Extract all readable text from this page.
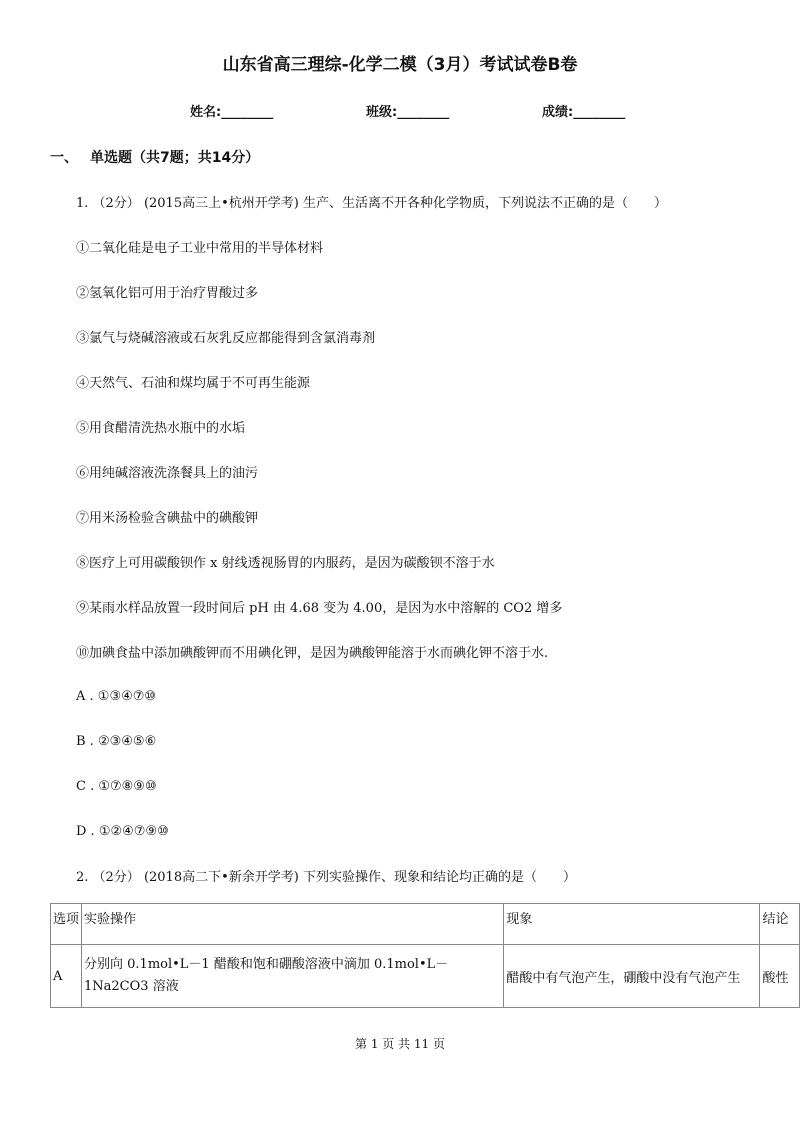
山东省高三理综-化学二模（3月）考试试卷B卷
姓名:________	班级:________	成绩:________
一、 单选题（共7题；共14分）
1. （2分） (2015高三上•杭州开学考) 生产、生活离不开各种化学物质，下列说法不正确的是（　　）
①二氧化硅是电子工业中常用的半导体材料
②氢氧化铝可用于治疗胃酸过多
③氯气与烧碱溶液或石灰乳反应都能得到含氯消毒剂
④天然气、石油和煤均属于不可再生能源
⑤用食醋清洗热水瓶中的水垢
⑥用纯碱溶液洗涤餐具上的油污
⑦用米汤检验含碘盐中的碘酸钾
⑧医疗上可用碳酸钡作 x 射线透视肠胃的内服药，是因为碳酸钡不溶于水
⑨某雨水样品放置一段时间后 pH 由 4.68 变为 4.00，是因为水中溶解的 CO2 增多
⑩加碘食盐中添加碘酸钾而不用碘化钾，是因为碘酸钾能溶于水而碘化钾不溶于水.
A . ①③④⑦⑩
B . ②③④⑤⑥
C . ①⑦⑧⑨⑩
D . ①②④⑦⑨⑩
2. （2分） (2018高二下•新余开学考) 下列实验操作、现象和结论均正确的是（　　）
选项	实验操作	现象	结论
A	分别向 0.1mol•L－1 醋酸和饱和硼酸溶液中滴加 0.1mol•L－1Na2CO3 溶液	醋酸中有气泡产生，硼酸中没有气泡产生	酸性
第 1 页 共 11 页
